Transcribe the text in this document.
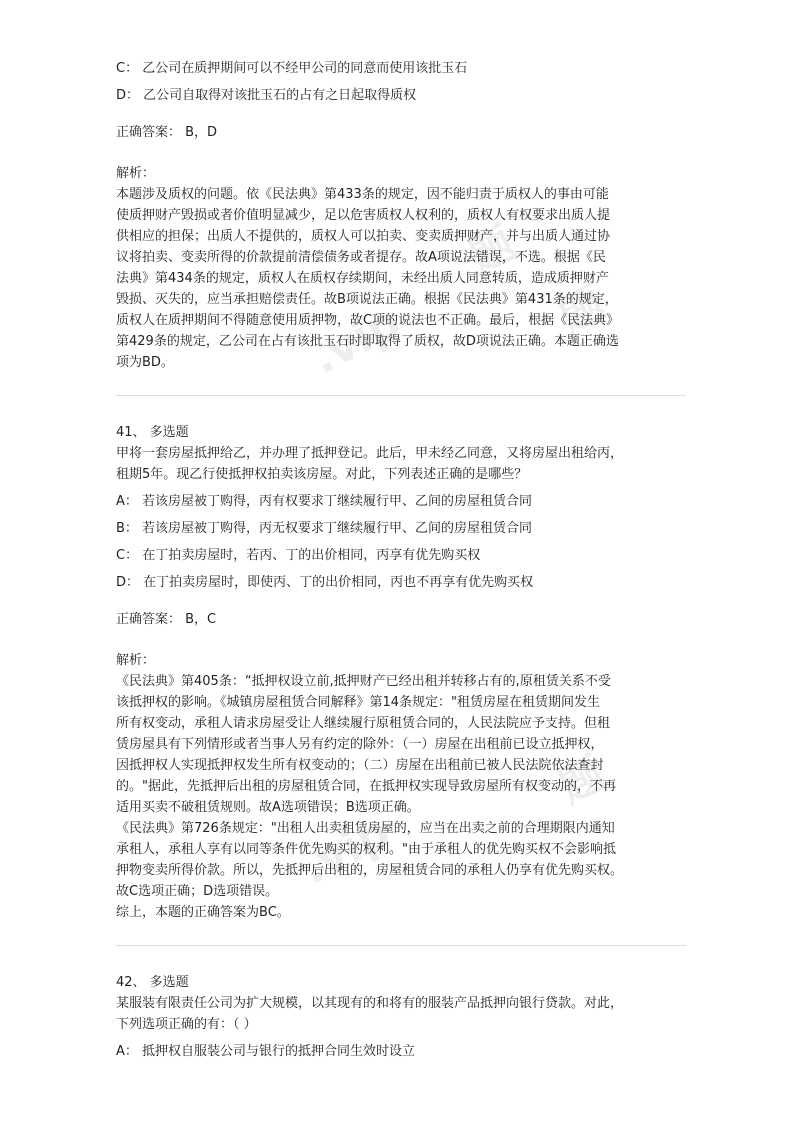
题
题
.vip
题
.vip
C： 乙公司在质押期间可以不经甲公司的同意而使用该批玉石
D： 乙公司自取得对该批玉石的占有之日起取得质权
正确答案： B，D
解析：
本题涉及质权的问题。依《民法典》第433条的规定，因不能归责于质权人的事由可能
使质押财产毁损或者价值明显减少，足以危害质权人权利的，质权人有权要求出质人提
供相应的担保；出质人不提供的，质权人可以拍卖、变卖质押财产，并与出质人通过协
议将拍卖、变卖所得的价款提前清偿债务或者提存。故A项说法错误，不选。根据《民
法典》第434条的规定，质权人在质权存续期间，未经出质人同意转质，造成质押财产
毁损、灭失的，应当承担赔偿责任。故B项说法正确。根据《民法典》第431条的规定，
质权人在质押期间不得随意使用质押物，故C项的说法也不正确。最后，根据《民法典》
第429条的规定，乙公司在占有该批玉石时即取得了质权，故D项说法正确。本题正确选
项为BD。
41、 多选题
甲将一套房屋抵押给乙，并办理了抵押登记。此后，甲未经乙同意，又将房屋出租给丙，
租期5年。现乙行使抵押权拍卖该房屋。对此，下列表述正确的是哪些？
A： 若该房屋被丁购得，丙有权要求丁继续履行甲、乙间的房屋租赁合同
B： 若该房屋被丁购得，丙无权要求丁继续履行甲、乙间的房屋租赁合同
C： 在丁拍卖房屋时，若丙、丁的出价相同，丙享有优先购买权
D： 在丁拍卖房屋时，即使丙、丁的出价相同，丙也不再享有优先购买权
正确答案： B，C
解析：
《民法典》第405条：“抵押权设立前,抵押财产已经出租并转移占有的,原租赁关系不受
该抵押权的影响。《城镇房屋租赁合同解释》第14条规定："租赁房屋在租赁期间发生
所有权变动，承租人请求房屋受让人继续履行原租赁合同的，人民法院应予支持。但租
赁房屋具有下列情形或者当事人另有约定的除外：（一）房屋在出租前已设立抵押权，
因抵押权人实现抵押权发生所有权变动的；（二）房屋在出租前已被人民法院依法查封
的。"据此，先抵押后出租的房屋租赁合同，在抵押权实现导致房屋所有权变动的，不再
适用买卖不破租赁规则。故A选项错误；B选项正确。
《民法典》第726条规定："出租人出卖租赁房屋的，应当在出卖之前的合理期限内通知
承租人，承租人享有以同等条件优先购买的权利。"由于承租人的优先购买权不会影响抵
押物变卖所得价款。所以，先抵押后出租的，房屋租赁合同的承租人仍享有优先购买权。
故C选项正确；D选项错误。
综上，本题的正确答案为BC。
42、 多选题
某服装有限责任公司为扩大规模，以其现有的和将有的服装产品抵押向银行贷款。对此，
下列选项正确的有：（ ）
A： 抵押权自服装公司与银行的抵押合同生效时设立
